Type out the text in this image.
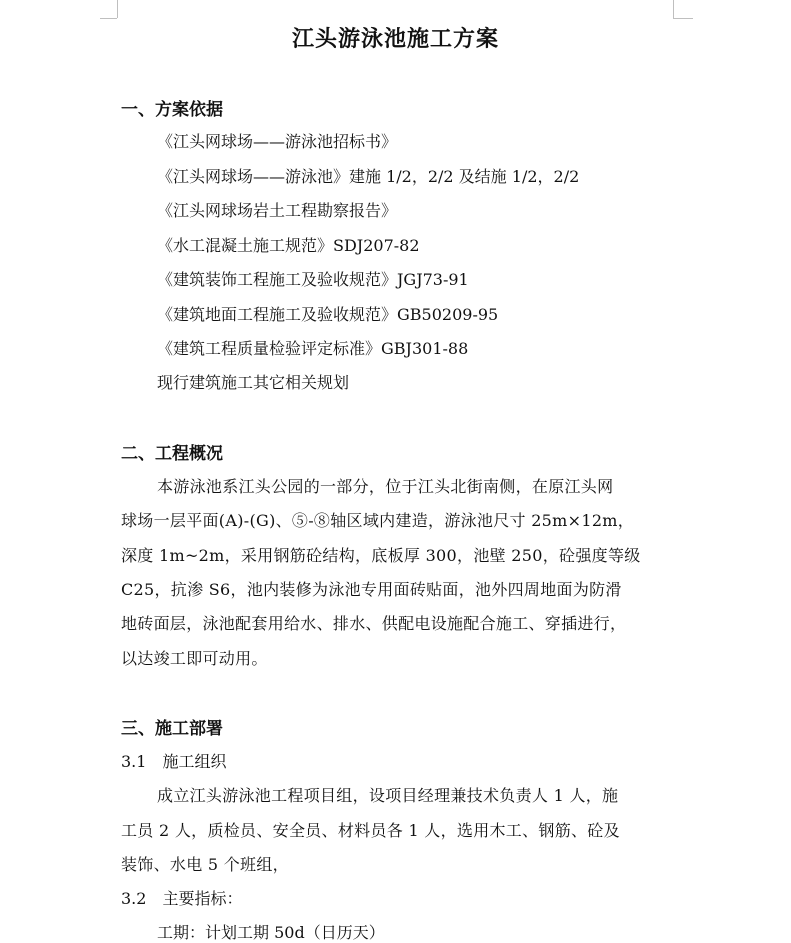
江头游泳池施工方案
一、方案依据
《江头网球场——游泳池招标书》
《江头网球场——游泳池》建施 1/2，2/2 及结施 1/2，2/2
《江头网球场岩土工程勘察报告》
《水工混凝土施工规范》SDJ207-82
《建筑装饰工程施工及验收规范》JGJ73-91
《建筑地面工程施工及验收规范》GB50209-95
《建筑工程质量检验评定标准》GBJ301-88
现行建筑施工其它相关规划
二、工程概况
本游泳池系江头公园的一部分，位于江头北街南侧，在原江头网
球场一层平面(A)-(G)、⑤-⑧轴区域内建造，游泳池尺寸 25m×12m，
深度 1m~2m，采用钢筋砼结构，底板厚 300，池壁 250，砼强度等级
C25，抗渗 S6，池内装修为泳池专用面砖贴面，池外四周地面为防滑
地砖面层，泳池配套用给水、排水、供配电设施配合施工、穿插进行，
以达竣工即可动用。
三、施工部署
3.1　施工组织
成立江头游泳池工程项目组，设项目经理兼技术负责人 1 人，施
工员 2 人，质检员、安全员、材料员各 1 人，选用木工、钢筋、砼及
装饰、水电 5 个班组，
3.2　主要指标：
工期：计划工期 50d（日历天）
